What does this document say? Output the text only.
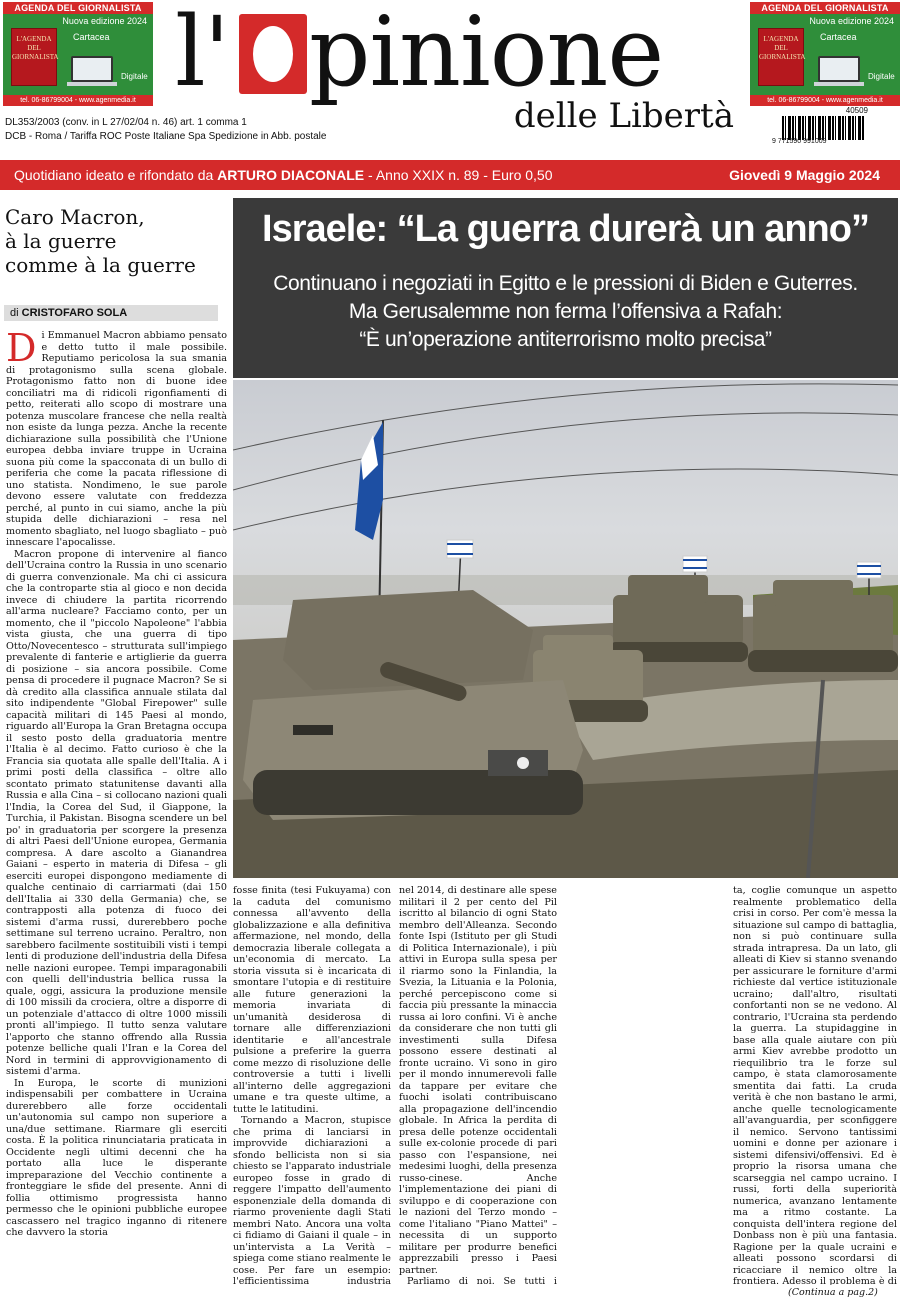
AGENDA DEL GIORNALISTA
Nuova edizione 2024
L'AGENDA DEL GIORNALISTA
Cartacea
Digitale
tel. 06-86799004 - www.agenmedia.it
AGENDA DEL GIORNALISTA
Nuova edizione 2024
L'AGENDA DEL GIORNALISTA
Cartacea
Digitale
tel. 06-86799004 - www.agenmedia.it
l' pinione
delle Libertà
DL353/2003 (conv. in L 27/02/04 n. 46) art. 1 comma 1
DCB - Roma / Tariffa ROC Poste Italiane Spa Spedizione in Abb. postale
40509
9 771590 991009
Quotidiano ideato e rifondato da ARTURO DIACONALE - Anno XXIX n. 89 - Euro 0,50	Giovedì 9 Maggio 2024
Caro Macron,
à la guerre
comme à la guerre
di CRISTOFARO SOLA

Di Emmanuel Macron abbiamo pensato e detto tutto il male possibile. Reputiamo pericolosa la sua smania di protagonismo sulla scena globale. Protagonismo fatto non di buone idee conciliatri ma di ridicoli rigonfiamenti di petto, reiterati allo scopo di mostrare una potenza muscolare francese che nella realtà non esiste da lunga pezza. Anche la recente dichiarazione sulla possibilità che l'Unione europea debba inviare truppe in Ucraina suona più come la spacconata di un bullo di periferia che come la pacata riflessione di uno statista. Nondimeno, le sue parole devono essere valutate con freddezza perché, al punto in cui siamo, anche la più stupida delle dichiarazioni – resa nel momento sbagliato, nel luogo sbagliato – può innescare l'apocalisse.

Macron propone di intervenire al fianco dell'Ucraina contro la Russia in uno scenario di guerra convenzionale. Ma chi ci assicura che la controparte stia al gioco e non decida invece di chiudere la partita ricorrendo all'arma nucleare? Facciamo conto, per un momento, che il "piccolo Napoleone" l'abbia vista giusta, che una guerra di tipo Otto/Novecentesco – strutturata sull'impiego prevalente di fanterie e artiglierie da guerra di posizione – sia ancora possibile. Come pensa di procedere il pugnace Macron? Se si dà credito alla classifica annuale stilata dal sito indipendente "Global Firepower" sulle capacità militari di 145 Paesi al mondo, riguardo all'Europa la Gran Bretagna occupa il sesto posto della graduatoria mentre l'Italia è al decimo. Fatto curioso è che la Francia sia quotata alle spalle dell'Italia. A i primi posti della classifica – oltre allo scontato primato statunitense davanti alla Russia e alla Cina – si collocano nazioni quali l'India, la Corea del Sud, il Giappone, la Turchia, il Pakistan. Bisogna scendere un bel po' in graduatoria per scorgere la presenza di altri Paesi dell'Unione europea, Germania compresa. A dare ascolto a Gianandrea Gaiani – esperto in materia di Difesa – gli eserciti europei dispongono mediamente di qualche centinaio di carriarmati (dai 150 dell'Italia ai 330 della Germania) che, se contrapposti alla potenza di fuoco dei sistemi d'arma russi, durerebbero poche settimane sul terreno ucraino. Peraltro, non sarebbero facilmente sostituibili visti i tempi lenti di produzione dell'industria della Difesa nelle nazioni europee. Tempi imparagonabili con quelli dell'industria bellica russa la quale, oggi, assicura la produzione mensile di 100 missili da crociera, oltre a disporre di un potenziale d'attacco di oltre 1000 missili pronti all'impiego. Il tutto senza valutare l'apporto che stanno offrendo alla Russia potenze belliche quali l'Iran e la Corea del Nord in termini di approvvigionamento di sistemi d'arma.

In Europa, le scorte di munizioni indispensabili per combattere in Ucraina durerebbero alle forze occidentali un'autonomia sul campo non superiore a una/due settimane. Riarmare gli eserciti costa. È la politica rinunciataria praticata in Occidente negli ultimi decenni che ha portato alla luce le disperante impreparazione del Vecchio continente a fronteggiare le sfide del presente. Anni di follia ottimismo progressista hanno permesso che le opinioni pubbliche europee cascassero nel tragico inganno di ritenere che davvero la storia

Israele: “La guerra durerà un anno”
Continuano i negoziati in Egitto e le pressioni di Biden e Guterres.
Ma Gerusalemme non ferma l’offensiva a Rafah:
“È un’operazione antiterrorismo molto precisa”

fosse finita (tesi Fukuyama) con la caduta del comunismo connessa all'avvento della globalizzazione e alla definitiva affermazione, nel mondo, della democrazia liberale collegata a un'economia di mercato. La storia vissuta si è incaricata di smontare l'utopia e di restituire alle future generazioni la memoria invariata di un'umanità desiderosa di tornare alle differenziazioni identitarie e all'ancestrale pulsione a preferire la guerra come mezzo di risoluzione delle controversie a tutti i livelli all'interno delle aggregazioni umane e tra queste ultime, a tutte le latitudini.

Tornando a Macron, stupisce che prima di lanciarsi in improvvide dichiarazioni a sfondo bellicista non si sia chiesto se l'apparato industriale europeo fosse in grado di reggere l'impatto dell'aumento esponenziale della domanda di riarmo proveniente dagli Stati membri Nato. Ancora una volta ci fidiamo di Gaiani il quale – in un'intervista a La Verità – spiega come stiano realmente le cose. Per fare un esempio: l'efficientissima industria

nel 2014, di destinare alle spese militari il 2 per cento del Pil iscritto al bilancio di ogni Stato membro dell'Alleanza. Secondo fonte Ispi (Istituto per gli Studi di Politica Internazionale), i più attivi in Europa sulla spesa per il riarmo sono la Finlandia, la Svezia, la Lituania e la Polonia, perché percepiscono come si faccia più pressante la minaccia russa ai loro confini. Vi è anche da considerare che non tutti gli investimenti sulla Difesa possono essere destinati al fronte ucraino. Vi sono in giro per il mondo innumerevoli falle da tappare per evitare che fuochi isolati contribuiscano alla propagazione dell'incendio globale. In Africa la perdita di presa delle potenze occidentali sulle ex-colonie procede di pari passo con l'espansione, nei medesimi luoghi, della presenza russo-cinese. Anche l'implementazione dei piani di sviluppo e di cooperazione con le nazioni del Terzo mondo – come l'italiano "Piano Mattei" – necessita di un supporto militare per produrre benefici apprezzabili presso i Paesi partner.

Parliamo di noi. Se tutti i

ta, coglie comunque un aspetto realmente problematico della crisi in corso. Per com'è messa la situazione sul campo di battaglia, non si può continuare sulla strada intrapresa. Da un lato, gli alleati di Kiev si stanno svenando per assicurare le forniture d'armi richieste dal vertice istituzionale ucraino; dall'altro, risultati confortanti non se ne vedono. Al contrario, l'Ucraina sta perdendo la guerra. La stupidaggine in base alla quale aiutare con più armi Kiev avrebbe prodotto un riequilibrio tra le forze sul campo, è stata clamorosamente smentita dai fatti. La cruda verità è che non bastano le armi, anche quelle tecnologicamente all'avanguardia, per sconfiggere il nemico. Servono tantissimi uomini e donne per azionare i sistemi difensivi/offensivi. Ed è proprio la risorsa umana che scarseggia nel campo ucraino. I russi, forti della superiorità numerica, avanzano lentamente ma a ritmo costante. La conquista dell'intera regione del Donbass non è più una fantasia. Ragione per la quale ucraini e alleati possono scordarsi di ricacciare il nemico oltre la frontiera. Adesso il problema è di

(Continua a pag.2)
